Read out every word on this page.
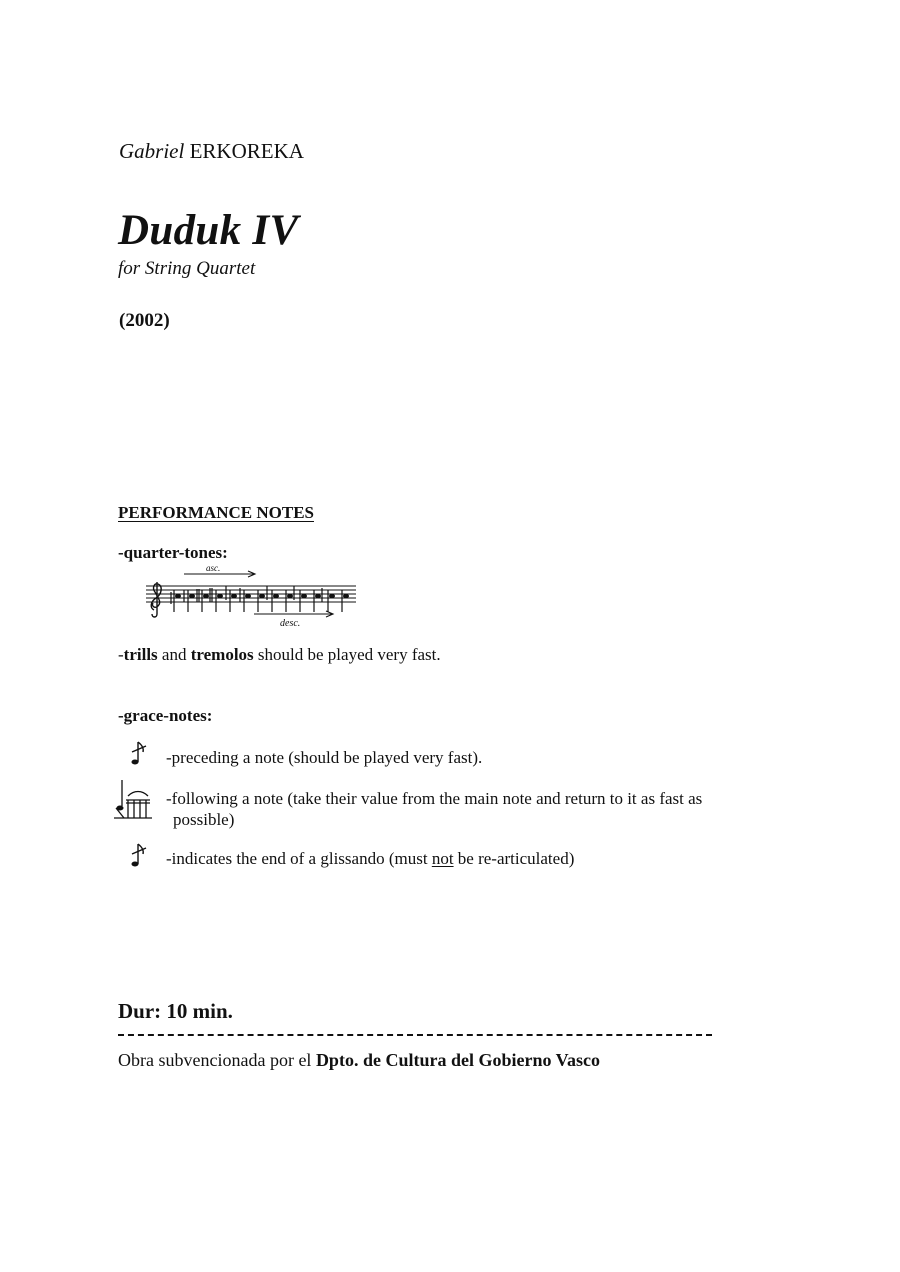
Gabriel ERKOREKA
Duduk IV
for String Quartet
(2002)
PERFORMANCE NOTES
-quarter-tones:
asc.
desc.
-trills and tremolos should be played very fast.
-grace-notes:
-preceding a note (should be played very fast).
-following a note (take their value from the main note and return to it as fast as
possible)
-indicates the end of a glissando (must not be re-articulated)
Dur: 10 min.
Obra subvencionada por el Dpto. de Cultura del Gobierno Vasco
